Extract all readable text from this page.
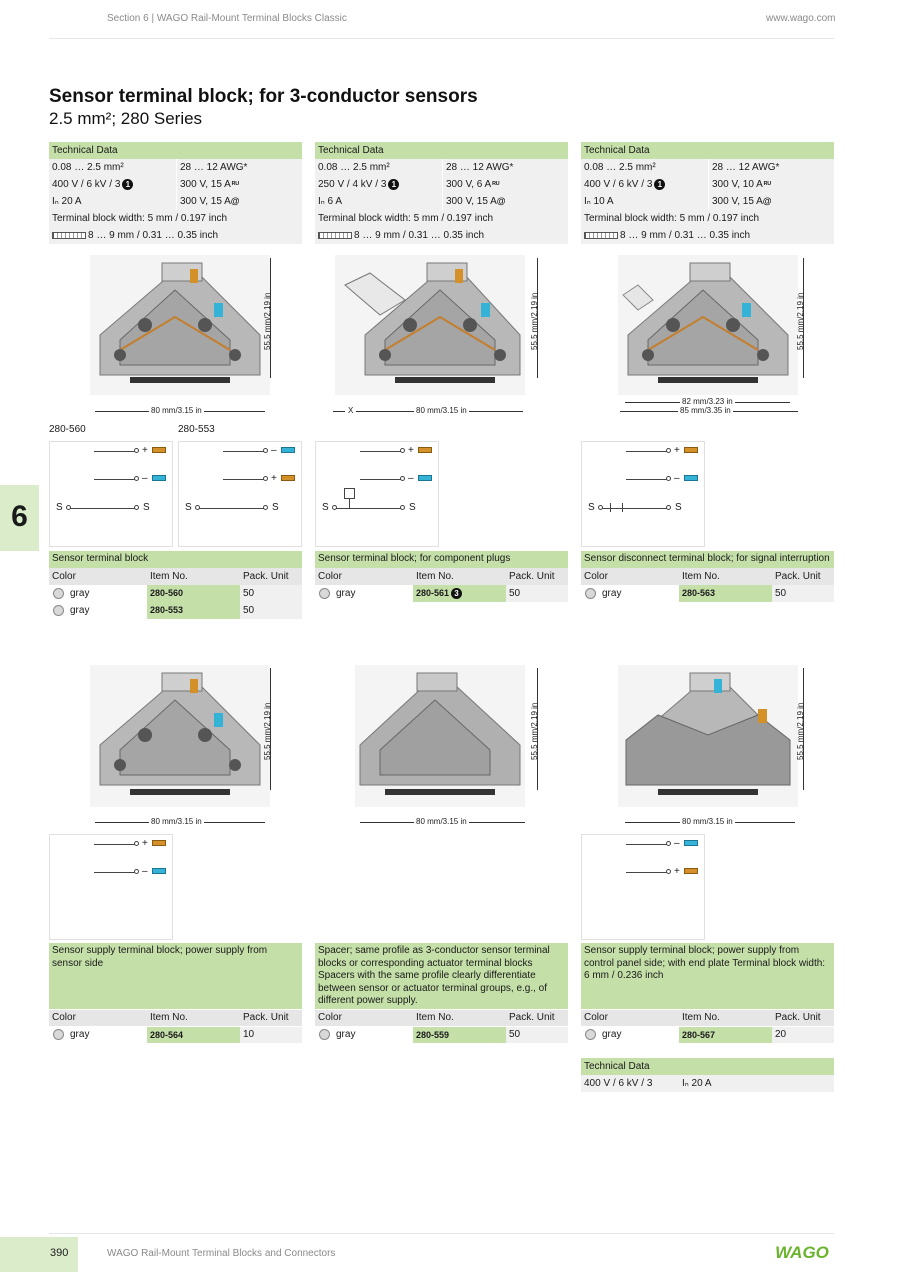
Section 6 | WAGO Rail-Mount Terminal Blocks Classic	www.wago.com
6
Sensor terminal block; for 3-conductor sensors
2.5 mm²; 280 Series
Technical Data
0.08 … 2.5 mm²	28 … 12 AWG*
400 V / 6 kV / 3 1	300 V, 15 Aᴿᵁ
Iₙ 20 A	300 V, 15 A@
Terminal block width: 5 mm / 0.197 inch
8 … 9 mm / 0.31 … 0.35 inch
Technical Data
0.08 … 2.5 mm²	28 … 12 AWG*
250 V / 4 kV / 3 1	300 V, 6 Aᴿᵁ
Iₙ 6 A	300 V, 15 A@
Terminal block width: 5 mm / 0.197 inch
8 … 9 mm / 0.31 … 0.35 inch
Technical Data
0.08 … 2.5 mm²	28 … 12 AWG*
400 V / 6 kV / 3 1	300 V, 10 Aᴿᵁ
Iₙ 10 A	300 V, 15 A@
Terminal block width: 5 mm / 0.197 inch
8 … 9 mm / 0.31 … 0.35 inch
55.5 mm/2.19 in	55.5 mm/2.19 in	55.5 mm/2.19 in
80 mm/3.15 in	X	80 mm/3.15 in
82 mm/3.23 in
85 mm/3.35 in
280-560	280-553
+
–
S	S
–
+
S	S
+
–
S	S
+
–
S	S
Sensor terminal block
Color	Item No.	Pack. Unit
gray	280-560	50
gray	280-553	50
Sensor terminal block; for component plugs
Color	Item No.	Pack. Unit
gray	280-561 3	50
Sensor disconnect terminal block; for signal interruption
Color	Item No.	Pack. Unit
gray	280-563	50
55.5 mm/2.19 in	55.5 mm/2.19 in	55.5 mm/2.19 in
80 mm/3.15 in	80 mm/3.15 in	80 mm/3.15 in
+
–
–
+
Sensor supply terminal block; power supply from sensor side
Color	Item No.	Pack. Unit
gray	280-564	10
Spacer; same profile as 3-conductor sensor terminal blocks or corresponding actuator terminal blocks Spacers with the same profile clearly differentiate between sensor or actuator terminal groups, e.g., of different power supply.
Color	Item No.	Pack. Unit
gray	280-559	50
Sensor supply terminal block; power supply from control panel side; with end plate Terminal block width: 6 mm / 0.236 inch
Color	Item No.	Pack. Unit
gray	280-567	20
Technical Data
400 V / 6 kV / 3	Iₙ 20 A
390	WAGO Rail-Mount Terminal Blocks and Connectors	WAGO
